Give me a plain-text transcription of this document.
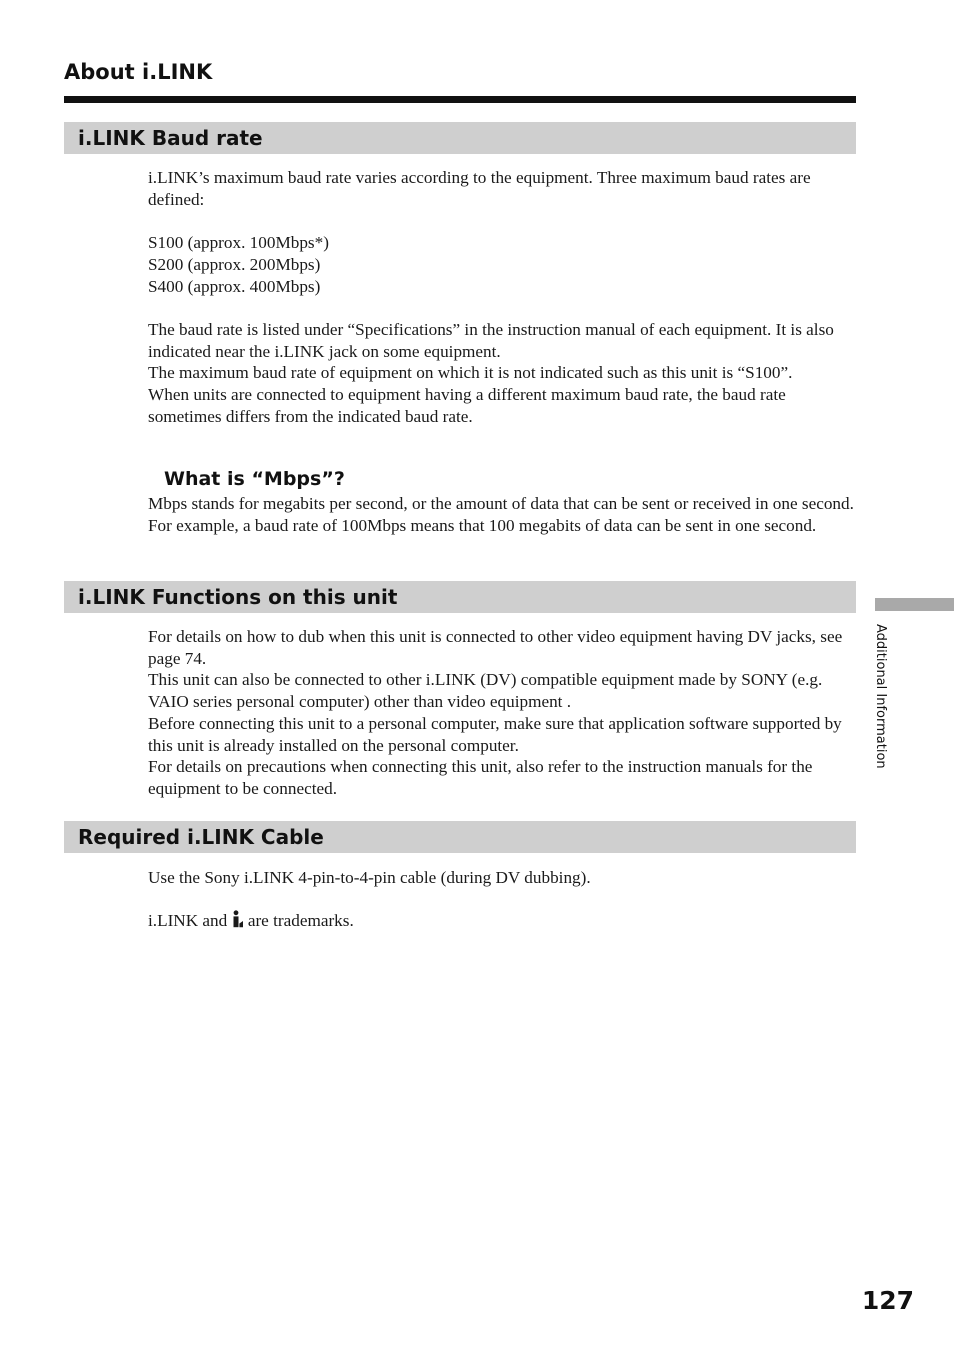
About i.LINK
i.LINK Baud rate

i.LINK’s maximum baud rate varies according to the equipment. Three maximum baud rates are defined:

S100 (approx. 100Mbps*)

S200 (approx. 200Mbps)

S400 (approx. 400Mbps)

The baud rate is listed under “Specifications” in the instruction manual of each equipment. It is also indicated near the i.LINK jack on some equipment.

The maximum baud rate of equipment on which it is not indicated such as this unit is “S100”.

When units are connected to equipment having a different maximum baud rate, the baud rate sometimes differs from the indicated baud rate.

What is “Mbps”?

Mbps stands for megabits per second, or the amount of data that can be sent or received in one second. For example, a baud rate of 100Mbps means that 100 megabits of data can be sent in one second.

i.LINK Functions on this unit

For details on how to dub when this unit is connected to other video equipment having DV jacks, see page 74.

This unit can also be connected to other i.LINK (DV) compatible equipment made by SONY (e.g. VAIO series personal computer) other than video equipment .

Before connecting this unit to a personal computer, make sure that application software supported by this unit is already installed on the personal computer.

For details on precautions when connecting this unit, also refer to the instruction manuals for the equipment to be connected.

Required i.LINK Cable

Use the Sony i.LINK 4-pin-to-4-pin cable (during DV dubbing).

i.LINK and  are trademarks.

Additional Information
127
